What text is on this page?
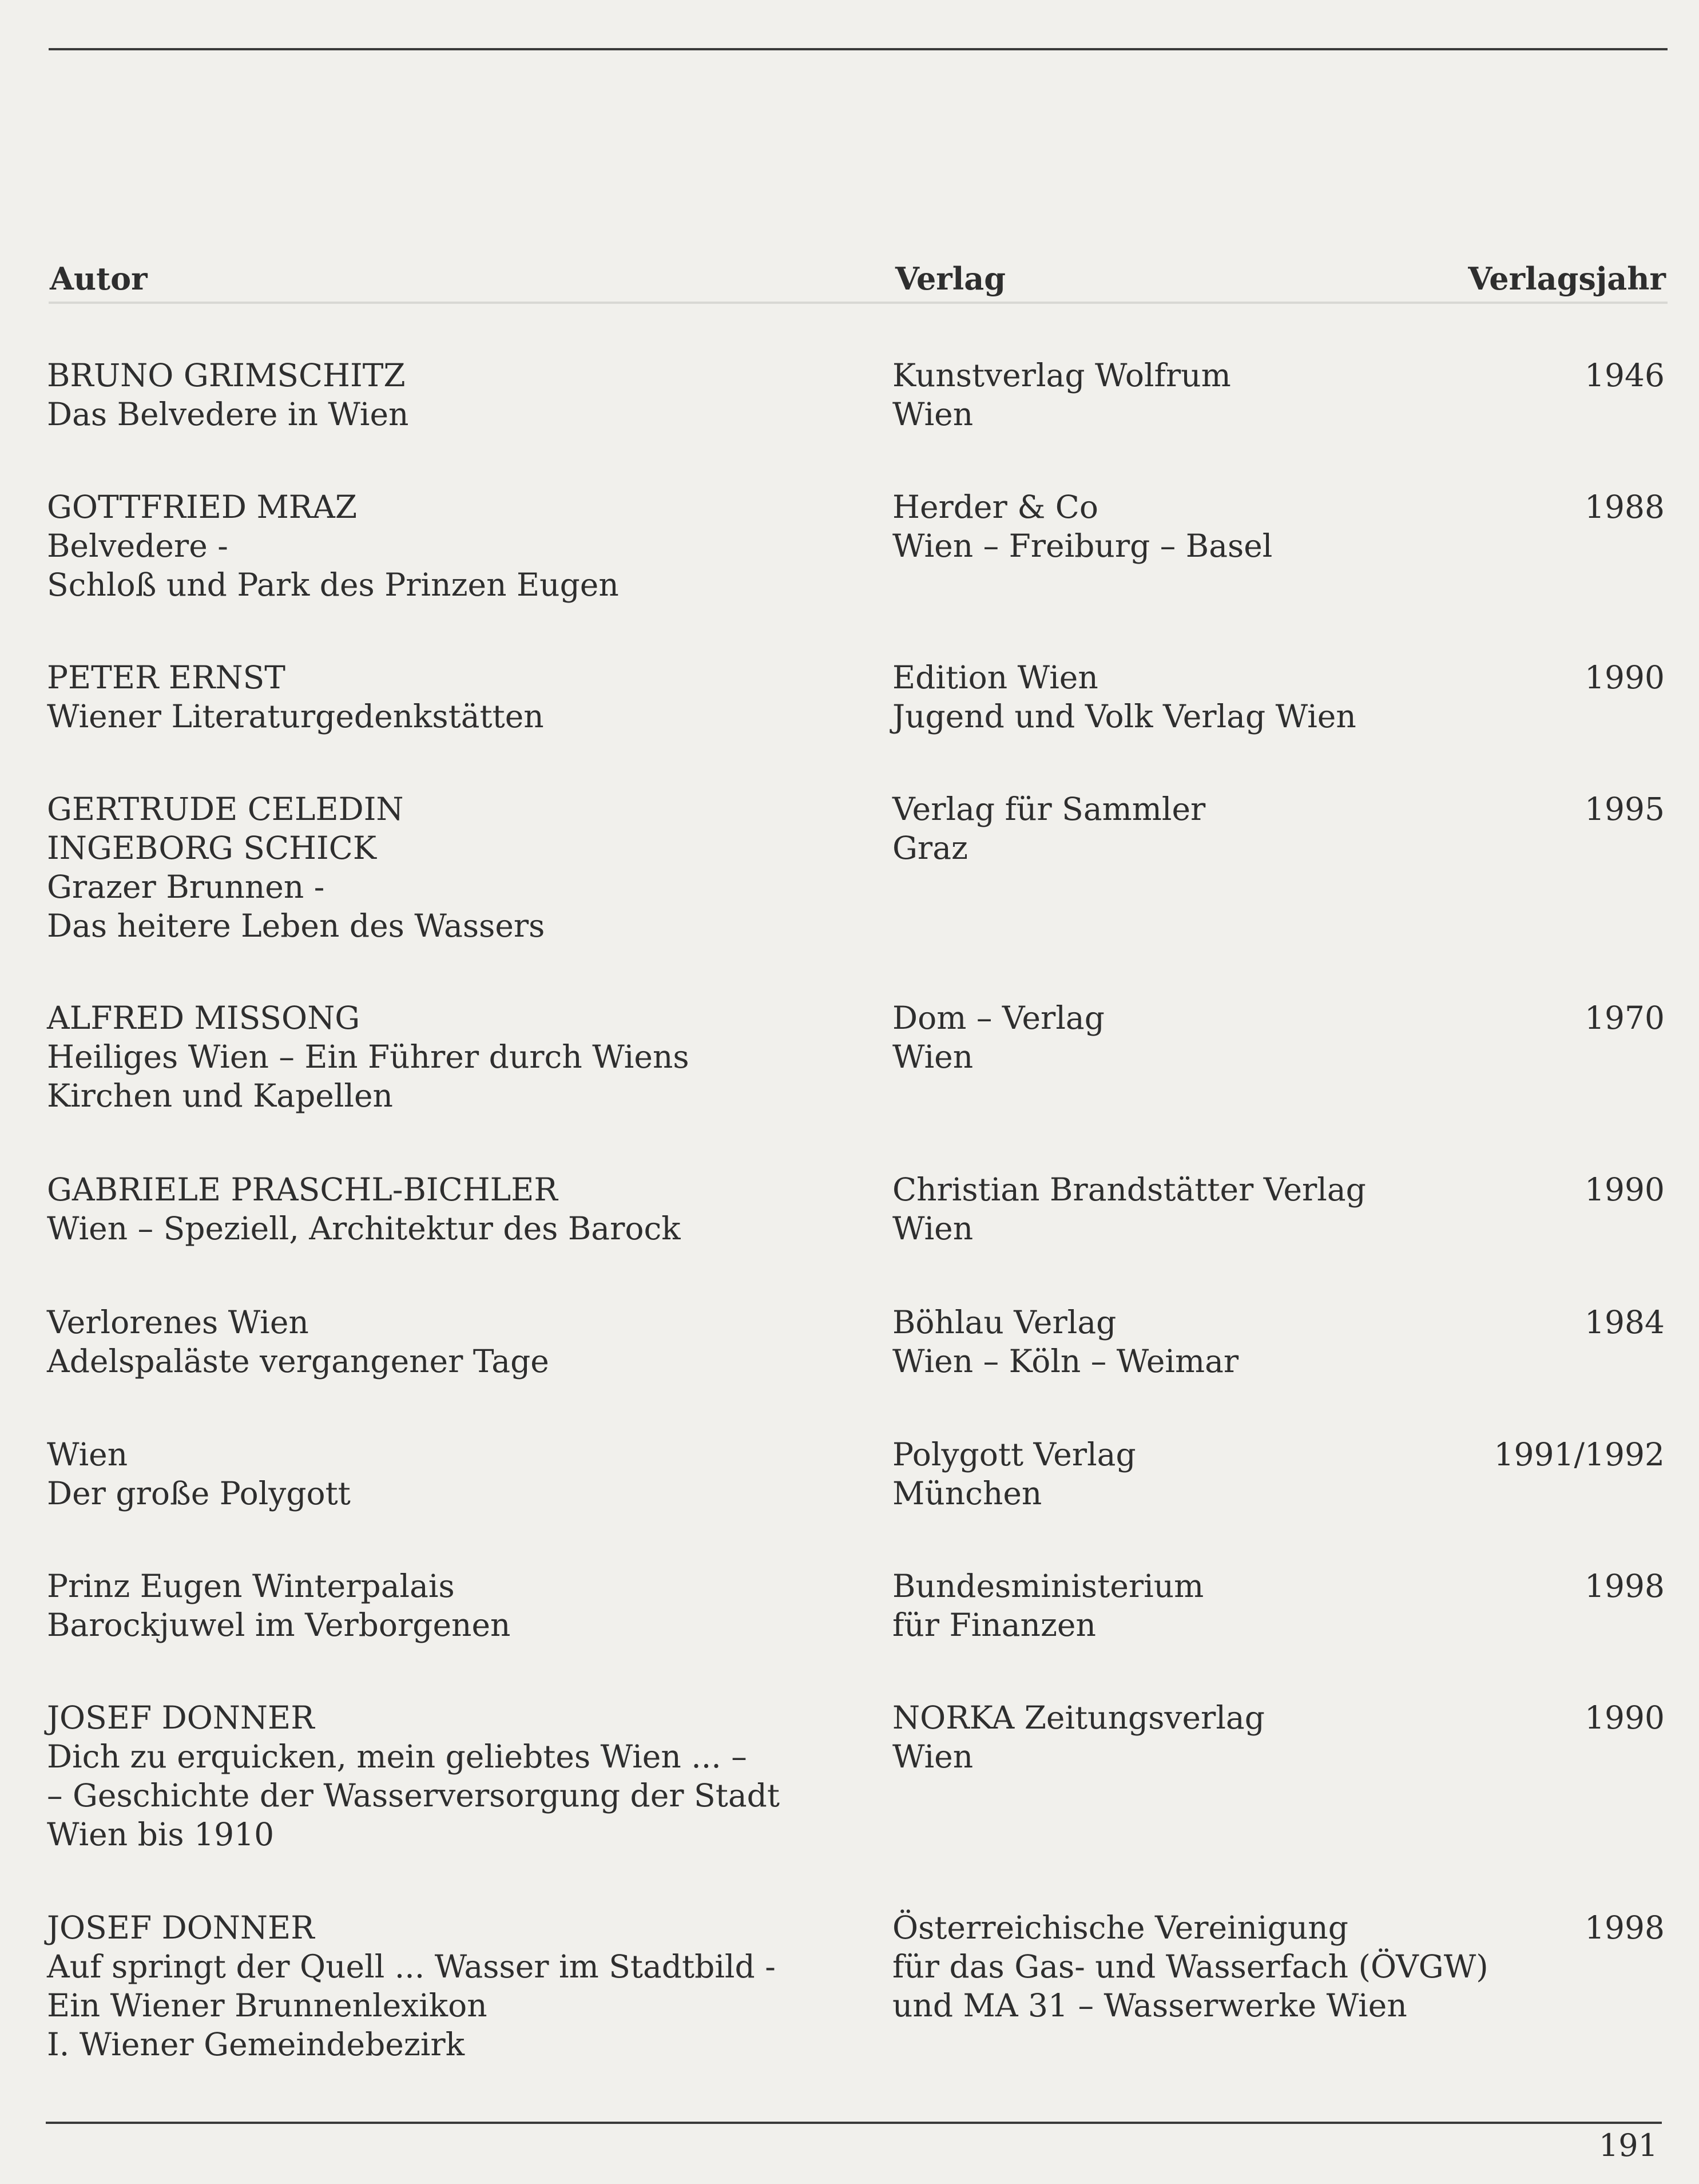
Autor	Verlag	Verlagsjahr
BRUNO GRIMSCHITZ
Das Belvedere in Wien
Kunstverlag Wolfrum
Wien
1946
GOTTFRIED MRAZ
Belvedere -
Schloß und Park des Prinzen Eugen
Herder & Co
Wien – Freiburg – Basel
1988
PETER ERNST
Wiener Literaturgedenkstätten
Edition Wien
Jugend und Volk Verlag Wien
1990
GERTRUDE CELEDIN
INGEBORG SCHICK
Grazer Brunnen -
Das heitere Leben des Wassers
Verlag für Sammler
Graz
1995
ALFRED MISSONG
Heiliges Wien – Ein Führer durch Wiens
Kirchen und Kapellen
Dom – Verlag
Wien
1970
GABRIELE PRASCHL-BICHLER
Wien – Speziell, Architektur des Barock
Christian Brandstätter Verlag
Wien
1990
Verlorenes Wien
Adelspaläste vergangener Tage
Böhlau Verlag
Wien – Köln – Weimar
1984
Wien
Der große Polygott
Polygott Verlag
München
1991/1992
Prinz Eugen Winterpalais
Barockjuwel im Verborgenen
Bundesministerium
für Finanzen
1998
JOSEF DONNER
Dich zu erquicken, mein geliebtes Wien ... –
– Geschichte der Wasserversorgung der Stadt
Wien bis 1910
NORKA Zeitungsverlag
Wien
1990
JOSEF DONNER
Auf springt der Quell ... Wasser im Stadtbild -
Ein Wiener Brunnenlexikon
I. Wiener Gemeindebezirk
Österreichische Vereinigung
für das Gas- und Wasserfach (ÖVGW)
und MA 31 – Wasserwerke Wien
1998
191
